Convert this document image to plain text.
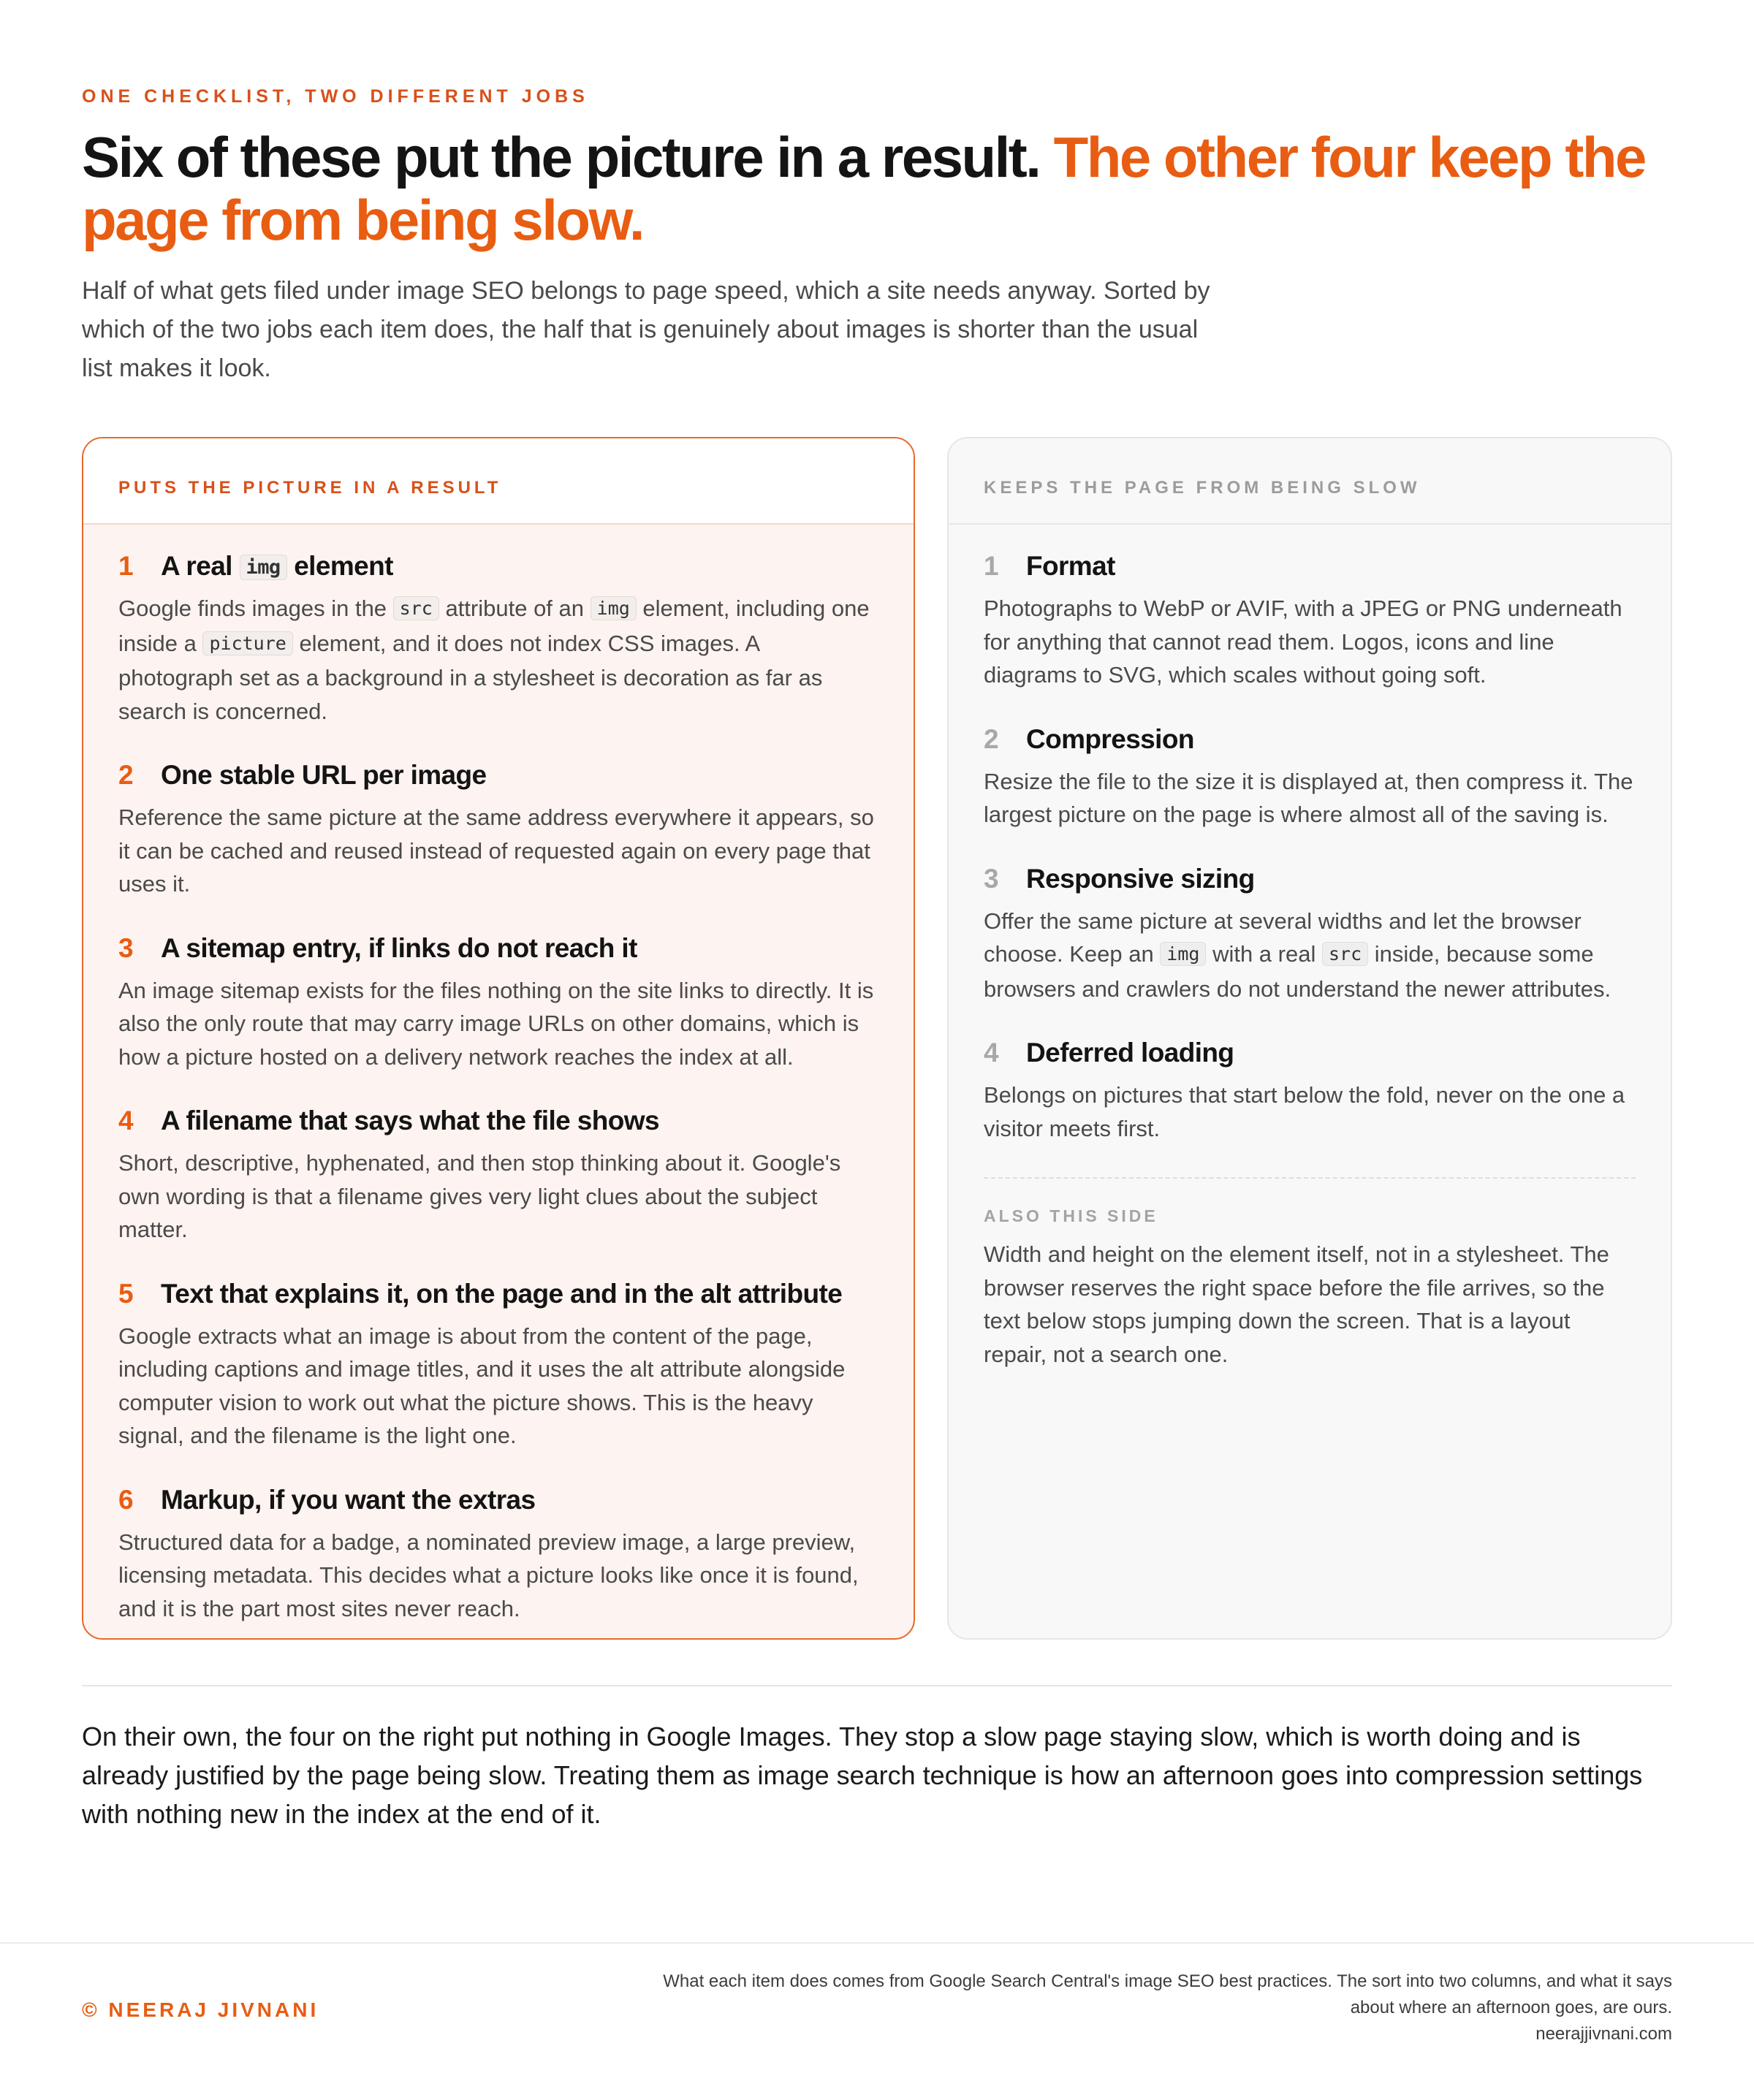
ONE CHECKLIST, TWO DIFFERENT JOBS
Six of these put the picture in a result. The other four keep the page from being slow.

Half of what gets filed under image SEO belongs to page speed, which a site needs anyway. Sorted by which of the two jobs each item does, the half that is genuinely about images is shorter than the usual list makes it look.

PUTS THE PICTURE IN A RESULT
1	A real img element
Google finds images in the src attribute of an img element, including one inside a picture element, and it does not index CSS images. A photograph set as a background in a stylesheet is decoration as far as search is concerned.
2	One stable URL per image
Reference the same picture at the same address everywhere it appears, so it can be cached and reused instead of requested again on every page that uses it.
3	A sitemap entry, if links do not reach it
An image sitemap exists for the files nothing on the site links to directly. It is also the only route that may carry image URLs on other domains, which is how a picture hosted on a delivery network reaches the index at all.
4	A filename that says what the file shows
Short, descriptive, hyphenated, and then stop thinking about it. Google's own wording is that a filename gives very light clues about the subject matter.
5	Text that explains it, on the page and in the alt attribute
Google extracts what an image is about from the content of the page, including captions and image titles, and it uses the alt attribute alongside computer vision to work out what the picture shows. This is the heavy signal, and the filename is the light one.
6	Markup, if you want the extras
Structured data for a badge, a nominated preview image, a large preview, licensing metadata. This decides what a picture looks like once it is found, and it is the part most sites never reach.
KEEPS THE PAGE FROM BEING SLOW
1	Format
Photographs to WebP or AVIF, with a JPEG or PNG underneath for anything that cannot read them. Logos, icons and line diagrams to SVG, which scales without going soft.
2	Compression
Resize the file to the size it is displayed at, then compress it. The largest picture on the page is where almost all of the saving is.
3	Responsive sizing
Offer the same picture at several widths and let the browser choose. Keep an img with a real src inside, because some browsers and crawlers do not understand the newer attributes.
4	Deferred loading
Belongs on pictures that start below the fold, never on the one a visitor meets first.
ALSO THIS SIDE
Width and height on the element itself, not in a stylesheet. The browser reserves the right space before the file arrives, so the text below stops jumping down the screen. That is a layout repair, not a search one.

On their own, the four on the right put nothing in Google Images. They stop a slow page staying slow, which is worth doing and is already justified by the page being slow. Treating them as image search technique is how an afternoon goes into compression settings with nothing new in the index at the end of it.

© NEERAJ JIVNANI
What each item does comes from Google Search Central's image SEO best practices. The sort into two columns, and what it says about where an afternoon goes, are ours.
neerajjivnani.com
